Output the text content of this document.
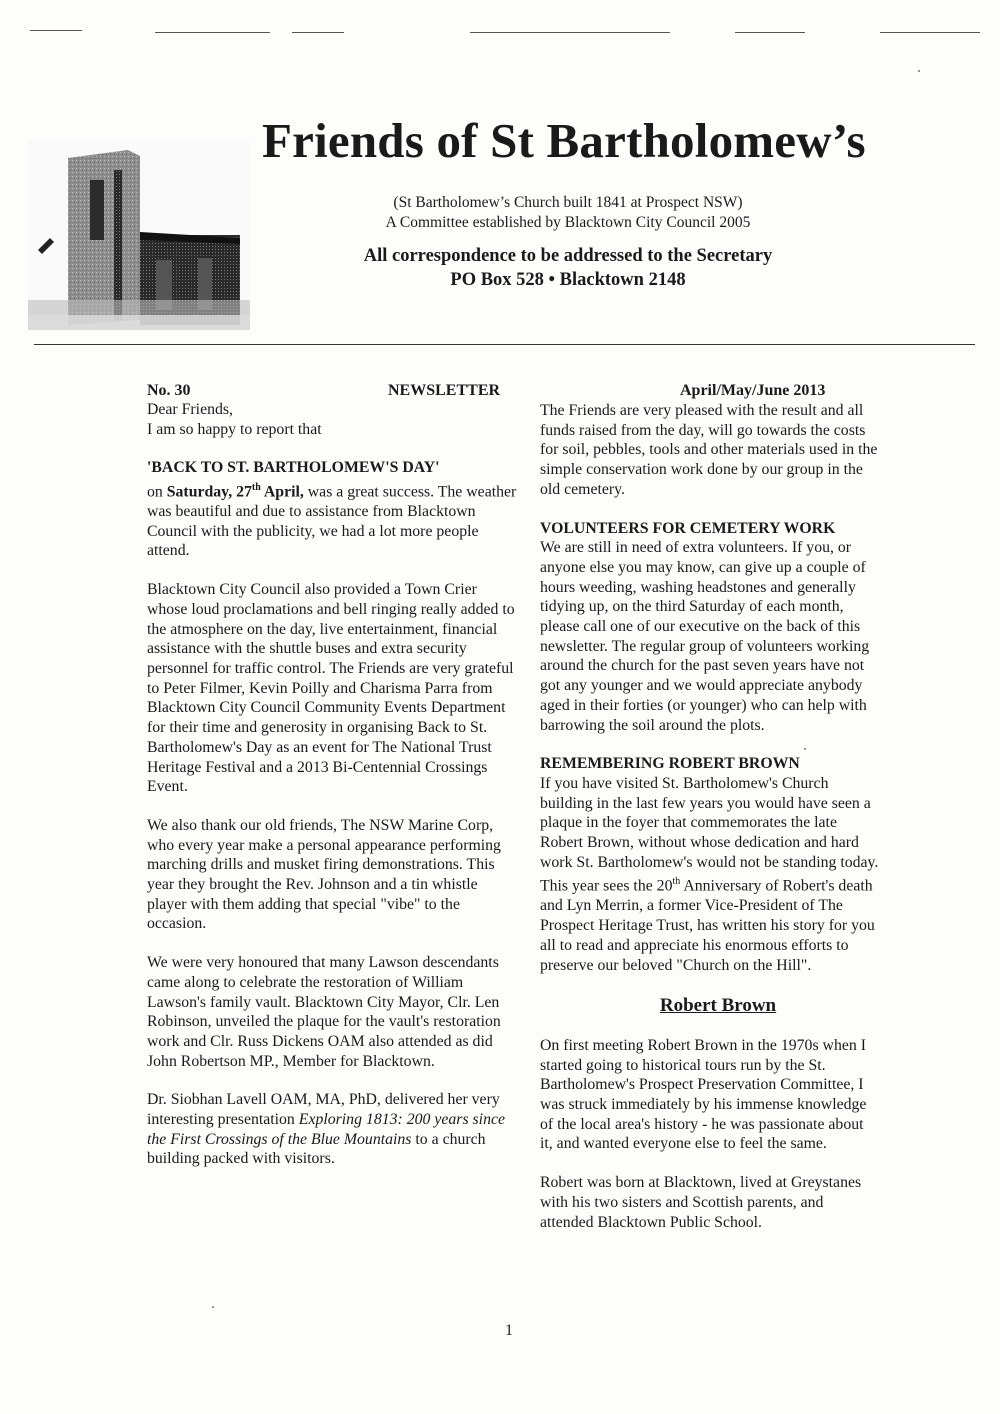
Friends of St Bartholomew’s

(St Bartholomew’s Church built 1841 at Prospect NSW)

A Committee established by Blacktown City Council 2005

All correspondence to be addressed to the Secretary

PO Box 528 • Blacktown 2148

No. 30	NEWSLETTER	April/May/June 2013

Dear Friends,

I am so happy to report that

'BACK TO ST. BARTHOLOMEW'S DAY'

on Saturday, 27th April, was a great success. The weather was beautiful and due to assistance from Blacktown Council with the publicity, we had a lot more people attend.

Blacktown City Council also provided a Town Crier whose loud proclamations and bell ringing really added to the atmosphere on the day, live entertainment, financial assistance with the shuttle buses and extra security personnel for traffic control. The Friends are very grateful to Peter Filmer, Kevin Poilly and Charisma Parra from Blacktown City Council Community Events Department for their time and generosity in organising Back to St. Bartholomew's Day as an event for The National Trust Heritage Festival and a 2013 Bi-Centennial Crossings Event.

We also thank our old friends, The NSW Marine Corp, who every year make a personal appearance performing marching drills and musket firing demonstrations. This year they brought the Rev. Johnson and a tin whistle player with them adding that special "vibe" to the occasion.

We were very honoured that many Lawson descendants came along to celebrate the restoration of William Lawson's family vault. Blacktown City Mayor, Clr. Len Robinson, unveiled the plaque for the vault's restoration work and Clr. Russ Dickens OAM also attended as did John Robertson MP., Member for Blacktown.

Dr. Siobhan Lavell OAM, MA, PhD, delivered her very interesting presentation Exploring 1813: 200 years since the First Crossings of the Blue Mountains to a church building packed with visitors.

The Friends are very pleased with the result and all funds raised from the day, will go towards the costs for soil, pebbles, tools and other materials used in the simple conservation work done by our group in the old cemetery.

VOLUNTEERS FOR CEMETERY WORK

We are still in need of extra volunteers. If you, or anyone else you may know, can give up a couple of hours weeding, washing headstones and generally tidying up, on the third Saturday of each month, please call one of our executive on the back of this newsletter. The regular group of volunteers working around the church for the past seven years have not got any younger and we would appreciate anybody aged in their forties (or younger) who can help with barrowing the soil around the plots.

REMEMBERING ROBERT BROWN

If you have visited St. Bartholomew's Church building in the last few years you would have seen a plaque in the foyer that commemorates the late Robert Brown, without whose dedication and hard work St. Bartholomew's would not be standing today. This year sees the 20th Anniversary of Robert's death and Lyn Merrin, a former Vice-President of The Prospect Heritage Trust, has written his story for you all to read and appreciate his enormous efforts to preserve our beloved "Church on the Hill".

Robert Brown

On first meeting Robert Brown in the 1970s when I started going to historical tours run by the St. Bartholomew's Prospect Preservation Committee, I was struck immediately by his immense knowledge of the local area's history - he was passionate about it, and wanted everyone else to feel the same.

Robert was born at Blacktown, lived at Greystanes with his two sisters and Scottish parents, and attended Blacktown Public School.

1
